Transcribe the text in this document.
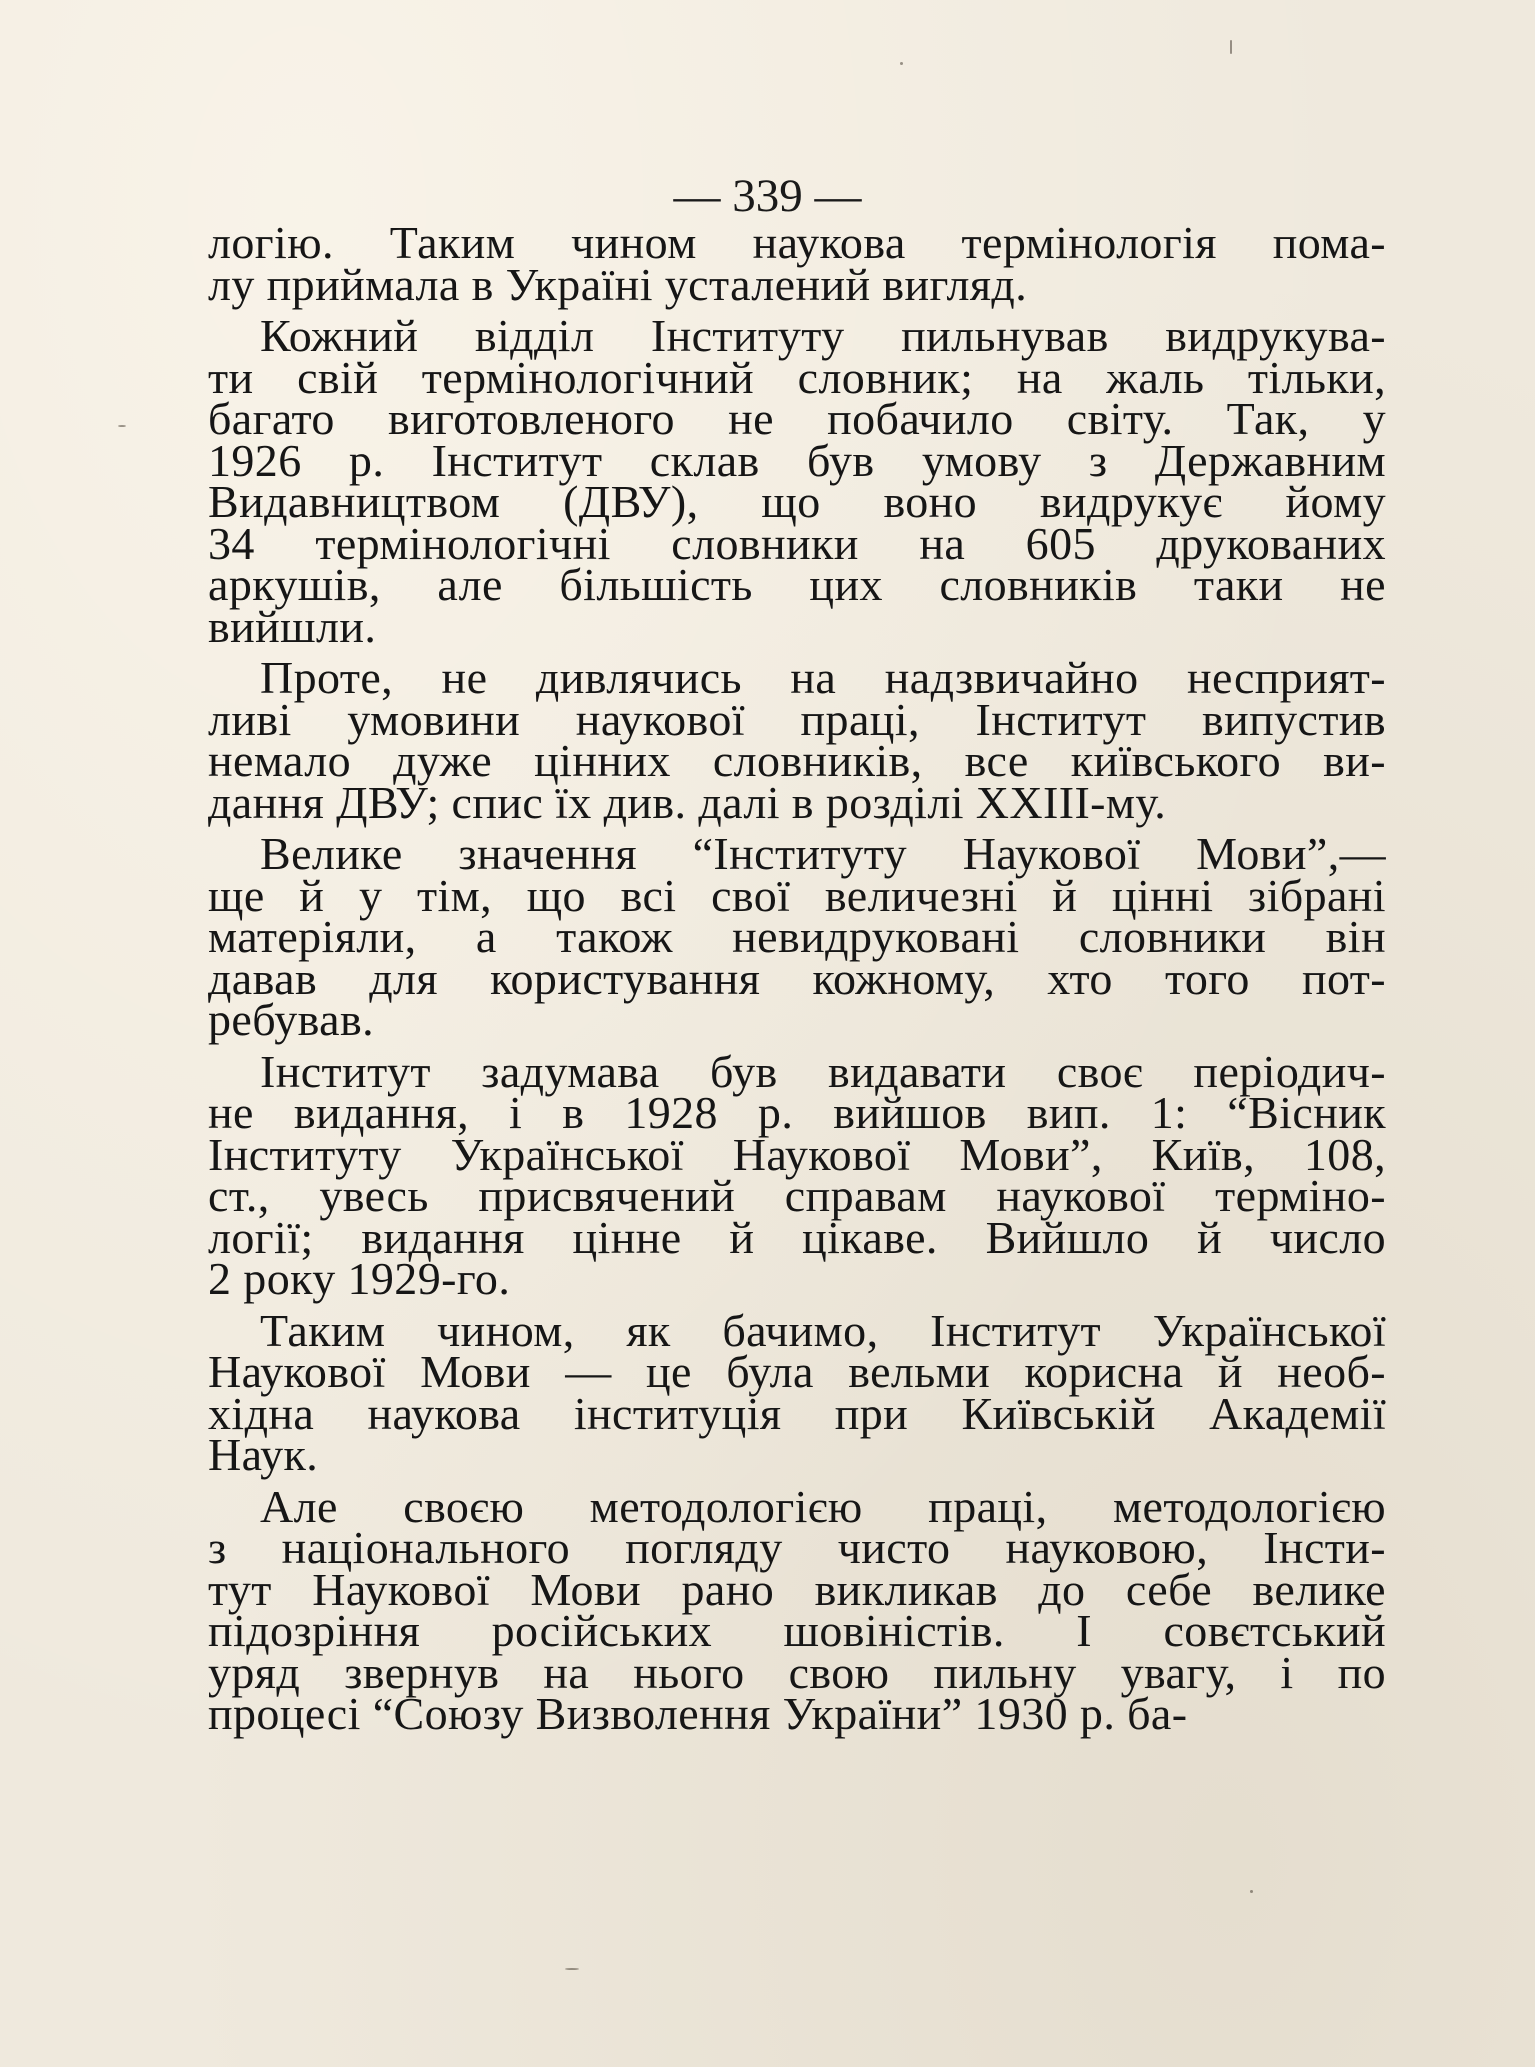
— 339 —
логію. Таким чином наукова термінологія пома-
лу приймала в Україні усталений вигляд.
Кожний відділ Інституту пильнував видрукува-
ти свій термінологічний словник; на жаль тільки,
багато виготовленого не побачило світу. Так, у
1926 р. Інститут склав був умову з Державним
Видавництвом (ДВУ), що воно видрукує йому
34 термінологічні словники на 605 друкованих
аркушів, але більшість цих словників таки не
вийшли.
Проте, не дивлячись на надзвичайно несприят-
ливі умовини наукової праці, Інститут випустив
немало дуже цінних словників, все київського ви-
дання ДВУ; спис їх див. далі в розділі XXIII-му.
Велике значення “Інституту Наукової Мови”,—
ще й у тім, що всі свої величезні й цінні зібрані
матеріяли, а також невидруковані словники він
давав для користування кожному, хто того пот-
ребував.
Інститут задумава був видавати своє періодич-
не видання, і в 1928 р. вийшов вип. 1: “Вісник
Інституту Української Наукової Мови”, Київ, 108,
ст., увесь присвячений справам наукової терміно-
логії; видання цінне й цікаве. Вийшло й число
2 року 1929-го.
Таким чином, як бачимо, Інститут Української
Наукової Мови — це була вельми корисна й необ-
хідна наукова інституція при Київській Академії
Наук.
Але своєю методологією праці, методологією
з національного погляду чисто науковою, Інсти-
тут Наукової Мови рано викликав до себе велике
підозріння російських шовіністів. І совєтський
уряд звернув на нього свою пильну увагу, і по
процесі “Союзу Визволення України” 1930 р. ба-
